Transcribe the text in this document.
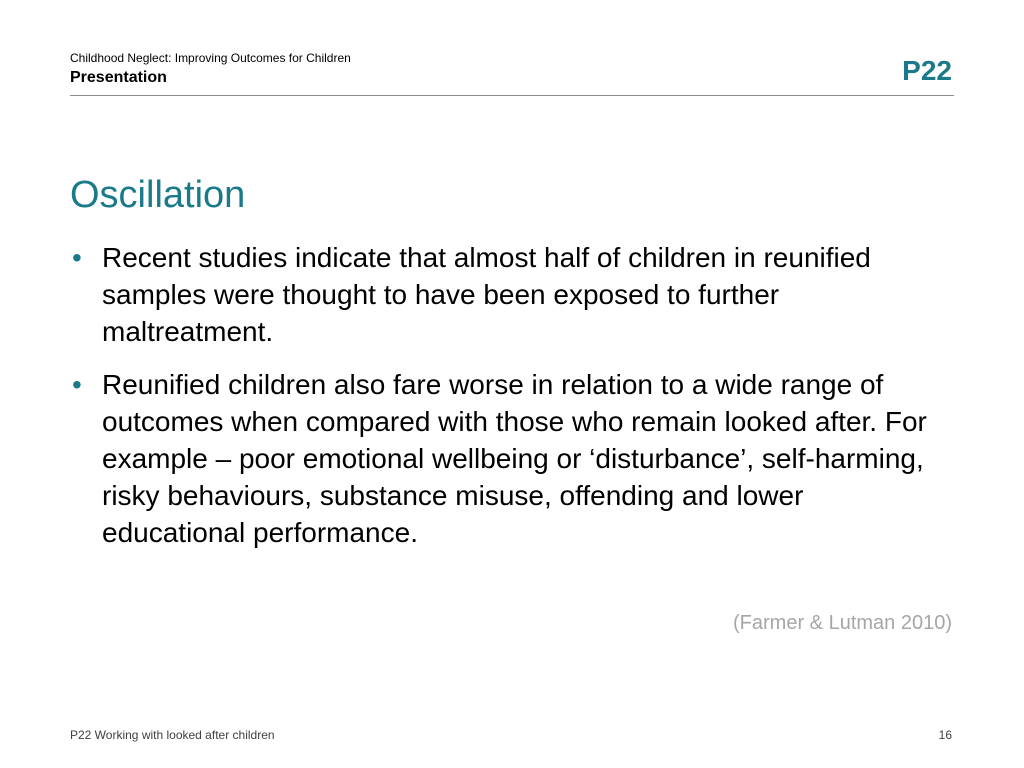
Childhood Neglect: Improving Outcomes for Children
Presentation	P22
Oscillation
• Recent studies indicate that almost half of children in reunified samples were thought to have been exposed to further maltreatment.
• Reunified children also fare worse in relation to a wide range of outcomes when compared with those who remain looked after. For example – poor emotional wellbeing or ‘disturbance’, self-harming, risky behaviours, substance misuse, offending and lower educational performance.
(Farmer & Lutman 2010)
P22 Working with looked after children	16
